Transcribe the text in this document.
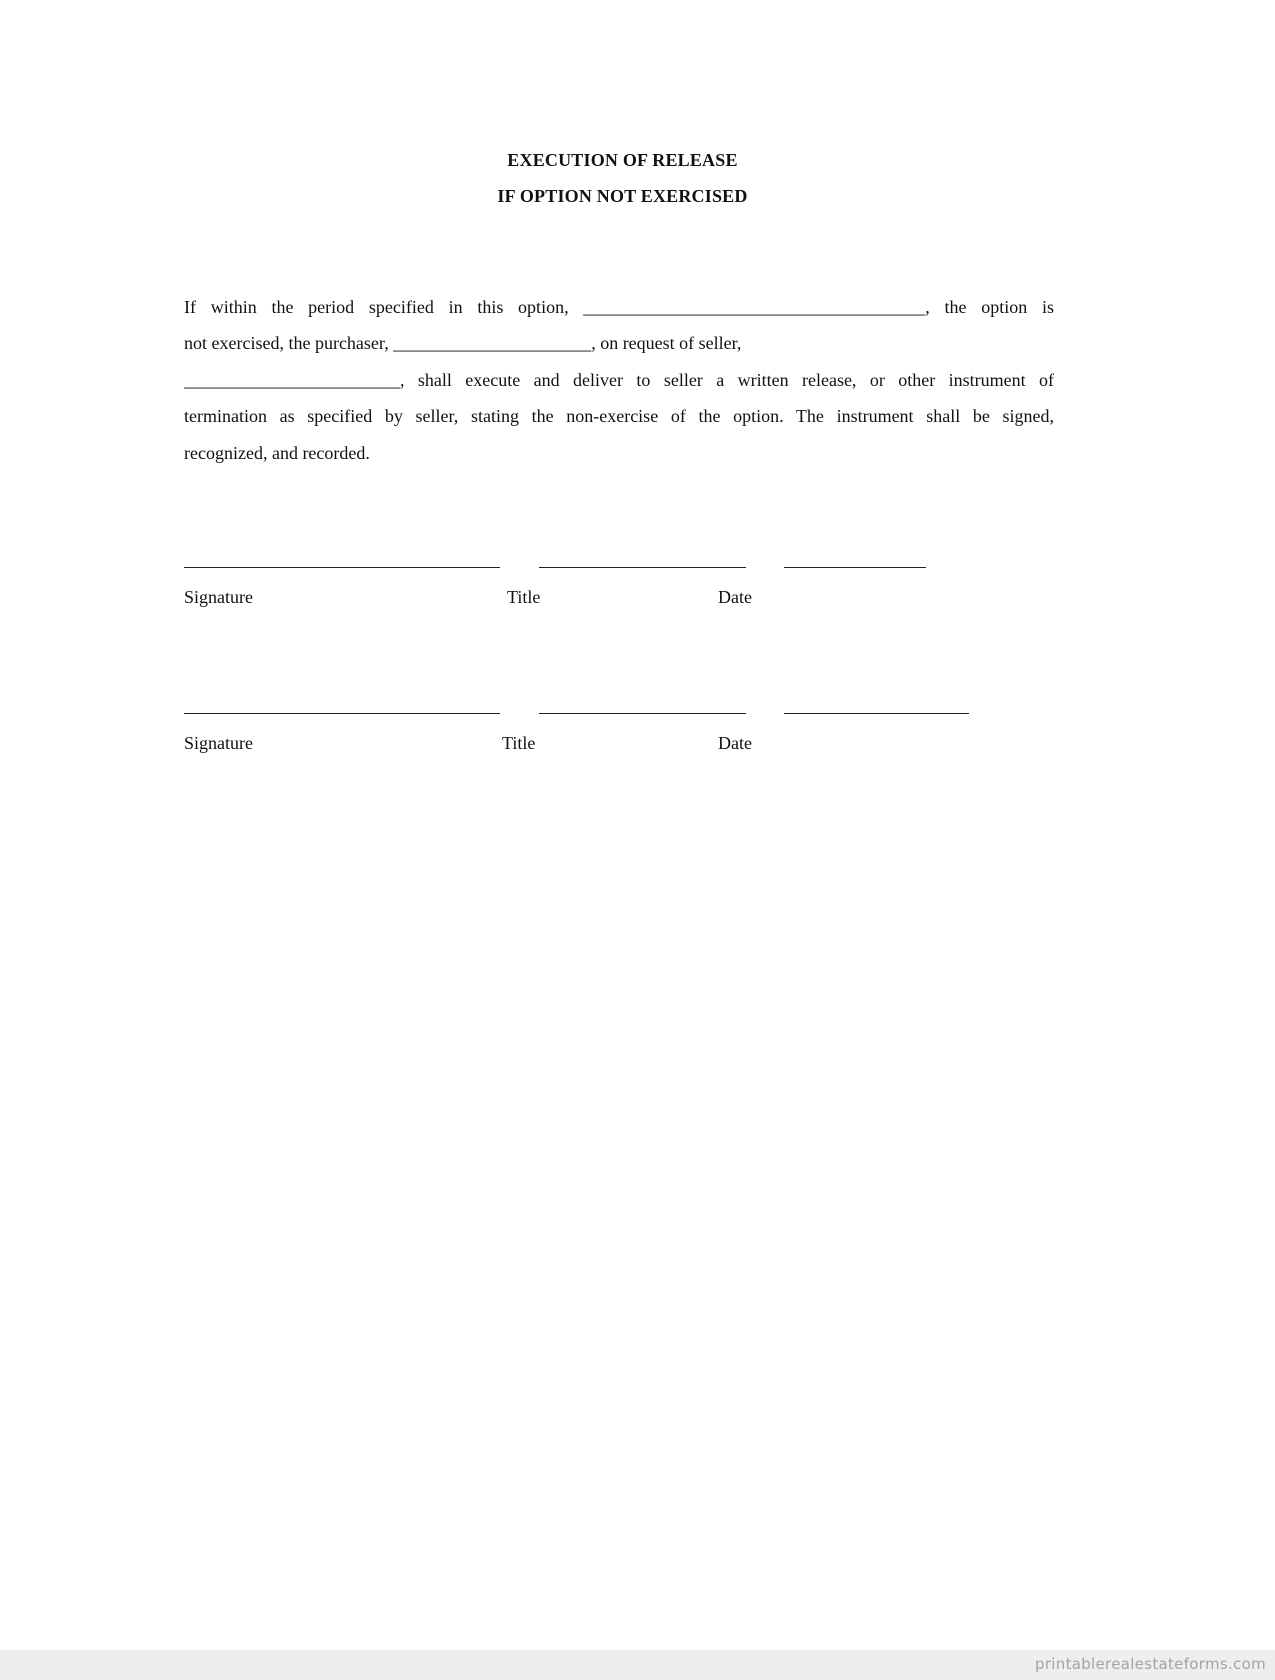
EXECUTION OF RELEASE
IF OPTION NOT EXERCISED
If within the period specified in this option, ______________________________________, the option is
not exercised, the purchaser, ______________________, on request of seller,
________________________, shall execute and deliver to seller a written release, or other instrument of
termination as specified by seller, stating the non-exercise of the option. The instrument shall be signed,
recognized, and recorded.
Signature	Title	Date
Signature	Title	Date
printablerealestateforms.com
